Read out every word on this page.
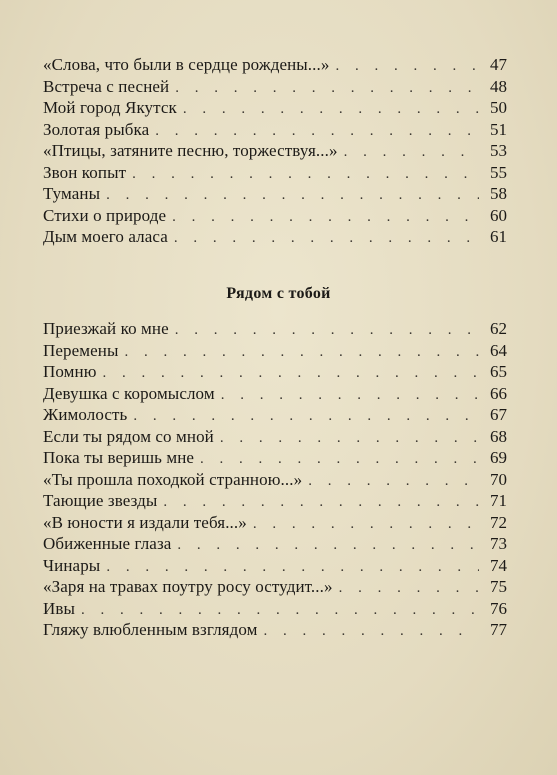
«Слова, что были в сердце рождены...» . . .	47
Встреча с песней . . .	48
Мой город Якутск . . .	50
Золотая рыбка . . .	51
«Птицы, затяните песню, торжествуя...» . . .	53
Звон копыт . . .	55
Туманы . . .	58
Стихи о природе . . .	60
Дым моего аласа . . .	61
Рядом с тобой
Приезжай ко мне . . .	62
Перемены . . .	64
Помню . . .	65
Девушка с коромыслом . . .	66
Жимолость . . .	67
Если ты рядом со мной . . .	68
Пока ты веришь мне . . .	69
«Ты прошла походкой странною...» . . .	70
Тающие звезды . . .	71
«В юности я издали тебя...» . . .	72
Обиженные глаза . . .	73
Чинары . . .	74
«Заря на травах поутру росу остудит...» . . .	75
Ивы . . .	76
Гляжу влюбленным взглядом . . .	77
